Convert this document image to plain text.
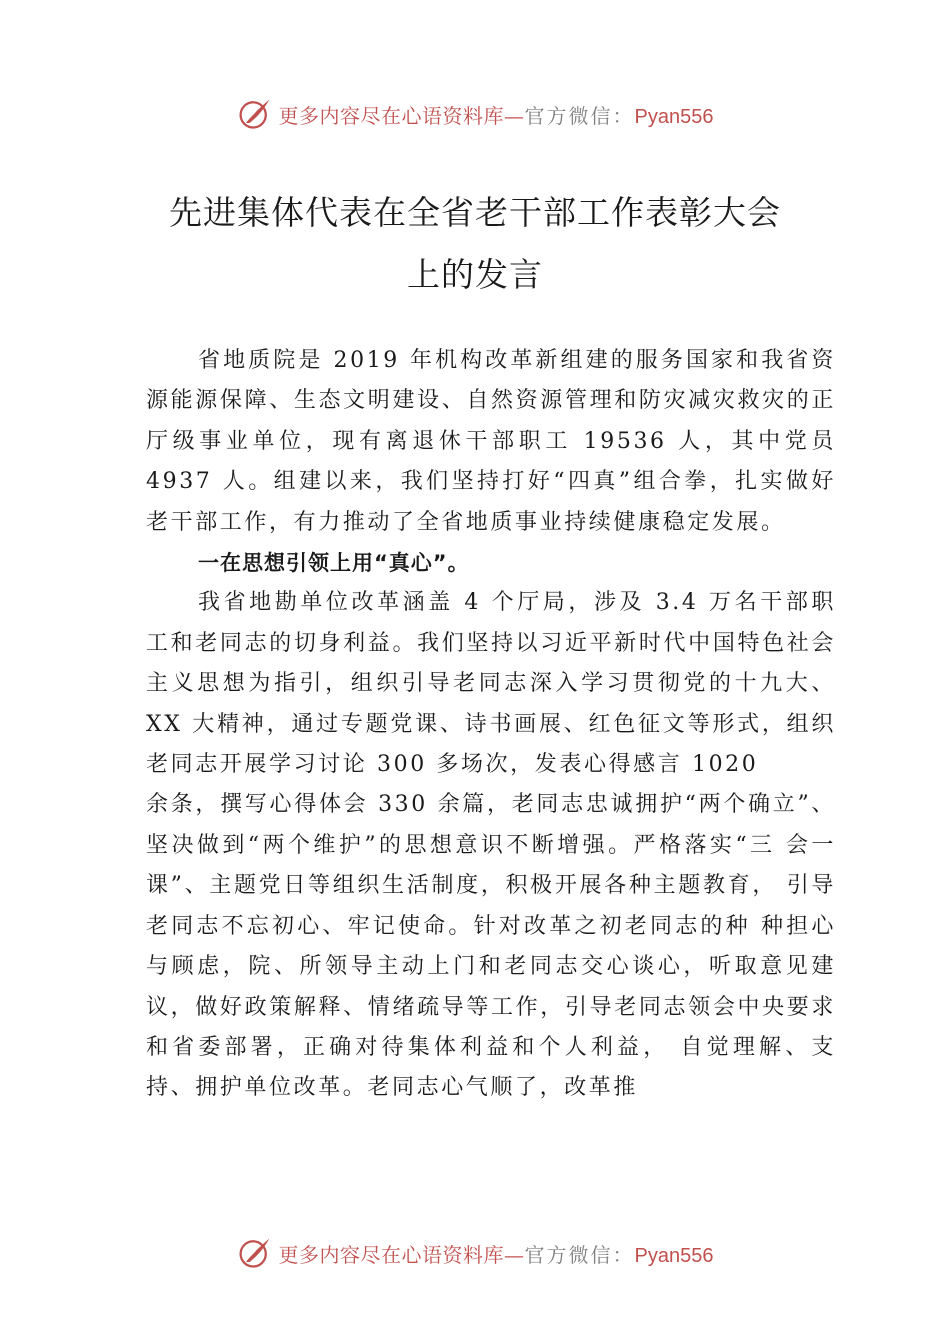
更多内容尽在心语资料库—官方微信：Pyan556
先进集体代表在全省老干部工作表彰大会
上的发言

省地质院是 2019 年机构改革新组建的服务国家和我省资源能源保障、生态文明建设、自然资源管理和防灾减灾救灾的正厅级事业单位，现有离退休干部职工 19536 人，其中党员 4937 人。组建以来，我们坚持打好“四真”组合拳，扎实做好老干部工作，有力推动了全省地质事业持续健康稳定发展。

一在思想引领上用“真心”。

我省地勘单位改革涵盖 4 个厅局，涉及 3.4 万名干部职工和老同志的切身利益。我们坚持以习近平新时代中国特色社会主义思想为指引，组织引导老同志深入学习贯彻党的十九大、XX 大精神，通过专题党课、诗书画展、红色征文等形式，组织老同志开展学习讨论 300 多场次，发表心得感言 1020

余条，撰写心得体会 330 余篇，老同志忠诚拥护“两个确立”、坚决做到“两个维护”的思想意识不断增强。严格落实“三 会一课”、主题党日等组织生活制度，积极开展各种主题教育， 引导老同志不忘初心、牢记使命。针对改革之初老同志的种 种担心与顾虑，院、所领导主动上门和老同志交心谈心，听取意见建议，做好政策解释、情绪疏导等工作，引导老同志领会中央要求和省委部署，正确对待集体利益和个人利益， 自觉理解、支持、拥护单位改革。老同志心气顺了，改革推

更多内容尽在心语资料库—官方微信：Pyan556
